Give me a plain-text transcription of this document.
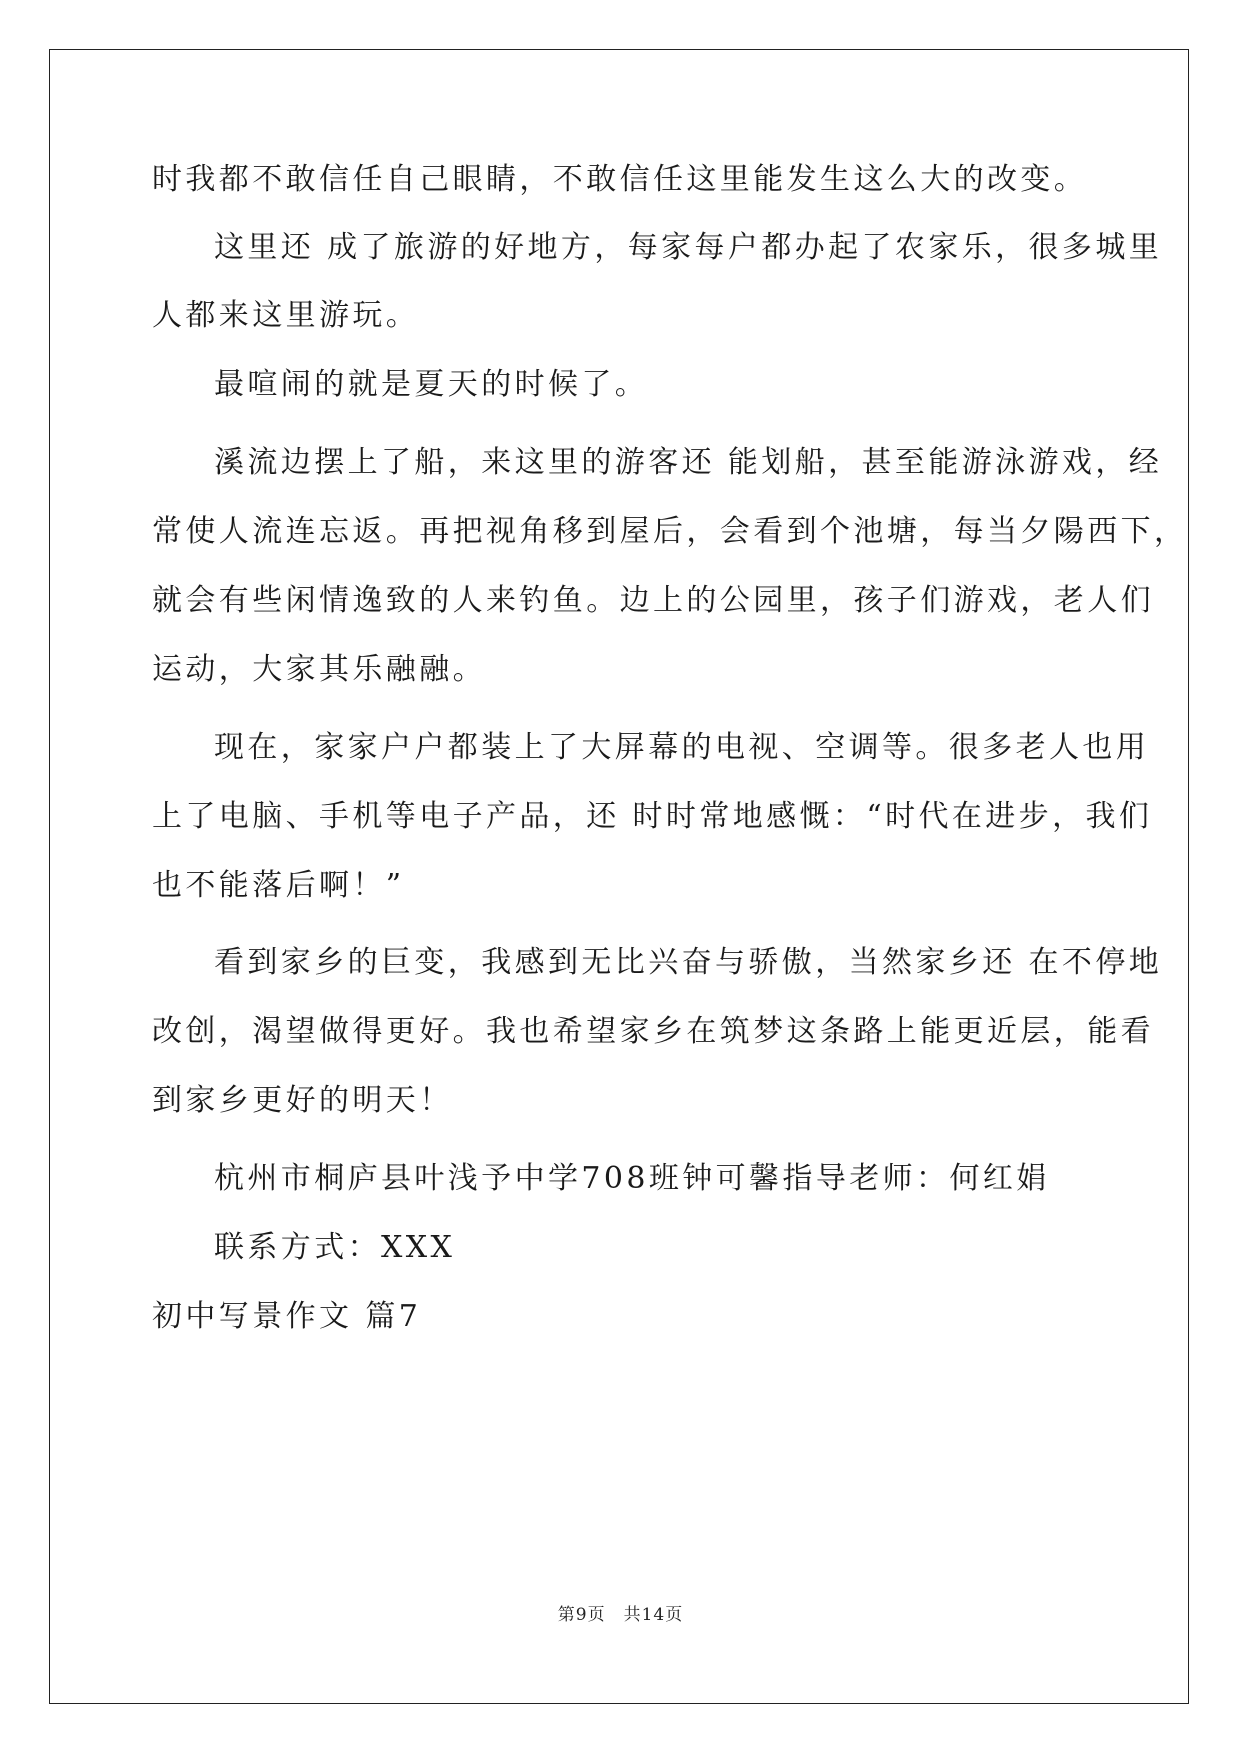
时我都不敢信任自己眼睛，不敢信任这里能发生这么大的改变。
这里还 成了旅游的好地方，每家每户都办起了农家乐，很多城里
人都来这里游玩。
最喧闹的就是夏天的时候了。
溪流边摆上了船，来这里的游客还 能划船，甚至能游泳游戏，经
常使人流连忘返。再把视角移到屋后，会看到个池塘，每当夕陽西下，
就会有些闲情逸致的人来钓鱼。边上的公园里，孩子们游戏，老人们
运动，大家其乐融融。
现在，家家户户都装上了大屏幕的电视、空调等。很多老人也用
上了电脑、手机等电子产品，还 时时常地感慨：“时代在进步，我们
也不能落后啊！”
看到家乡的巨变，我感到无比兴奋与骄傲，当然家乡还 在不停地
改创，渴望做得更好。我也希望家乡在筑梦这条路上能更近层，能看
到家乡更好的明天！
杭州市桐庐县叶浅予中学708班钟可馨指导老师：何红娟
联系方式：XXX
初中写景作文 篇7
第9页 共14页
